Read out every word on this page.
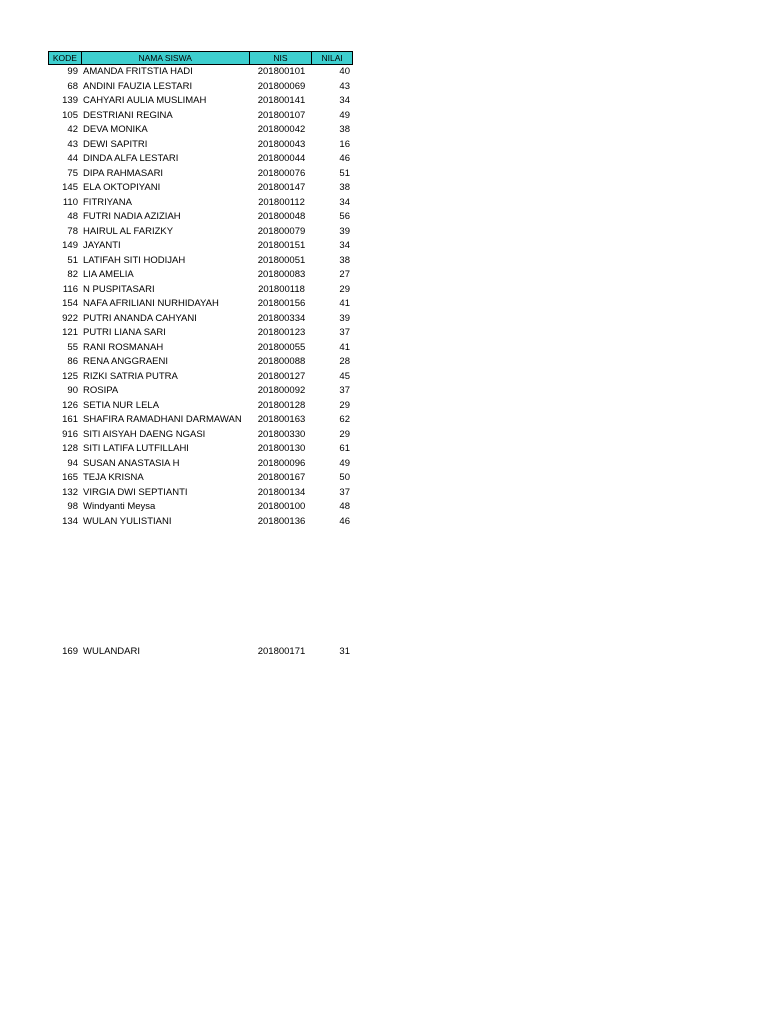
KODE	NAMA SISWA	NIS	NILAI
99 AMANDA FRITSTIA HADI	201800101	40
68 ANDINI FAUZIA LESTARI	201800069	43
139 CAHYARI AULIA MUSLIMAH	201800141	34
105 DESTRIANI REGINA	201800107	49
42 DEVA MONIKA	201800042	38
43 DEWI SAPITRI	201800043	16
44 DINDA ALFA LESTARI	201800044	46
75 DIPA RAHMASARI	201800076	51
145 ELA OKTOPIYANI	201800147	38
110 FITRIYANA	201800112	34
48 FUTRI NADIA AZIZIAH	201800048	56
78 HAIRUL AL FARIZKY	201800079	39
149 JAYANTI	201800151	34
51 LATIFAH SITI HODIJAH	201800051	38
82 LIA AMELIA	201800083	27
116 N PUSPITASARI	201800118	29
154 NAFA AFRILIANI NURHIDAYAH	201800156	41
922 PUTRI ANANDA CAHYANI	201800334	39
121 PUTRI LIANA SARI	201800123	37
55 RANI ROSMANAH	201800055	41
86 RENA ANGGRAENI	201800088	28
125 RIZKI SATRIA PUTRA	201800127	45
90 ROSIPA	201800092	37
126 SETIA NUR LELA	201800128	29
161 SHAFIRA RAMADHANI DARMAWAN	201800163	62
916 SITI AISYAH DAENG NGASI	201800330	29
128 SITI LATIFA LUTFILLAHI	201800130	61
94 SUSAN ANASTASIA H	201800096	49
165 TEJA KRISNA	201800167	50
132 VIRGIA DWI SEPTIANTI	201800134	37
98 Windyanti Meysa	201800100	48
134 WULAN YULISTIANI	201800136	46
169 WULANDARI	201800171	31
